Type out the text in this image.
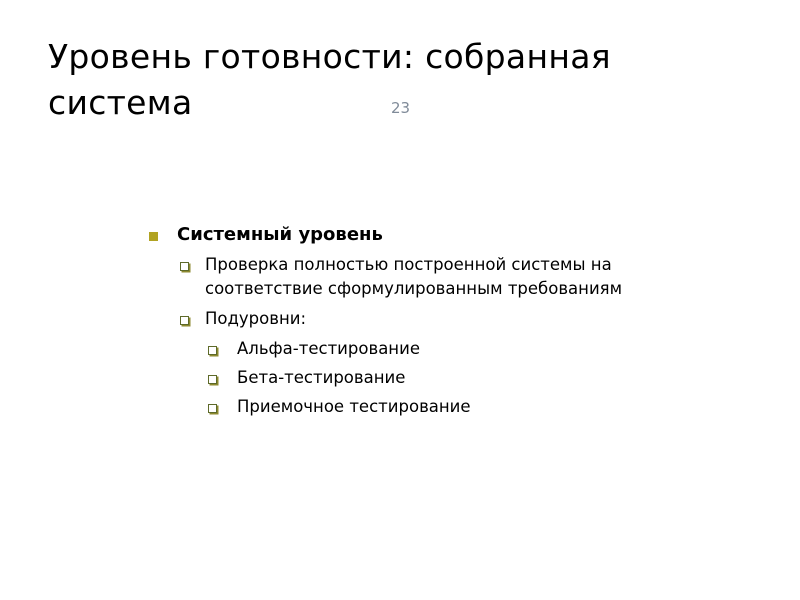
Уровень готовности: собранная система	23
Системный уровень
Проверка полностью построенной системы на соответствие сформулированным требованиям
Подуровни:
Альфа-тестирование
Бета-тестирование
Приемочное тестирование
